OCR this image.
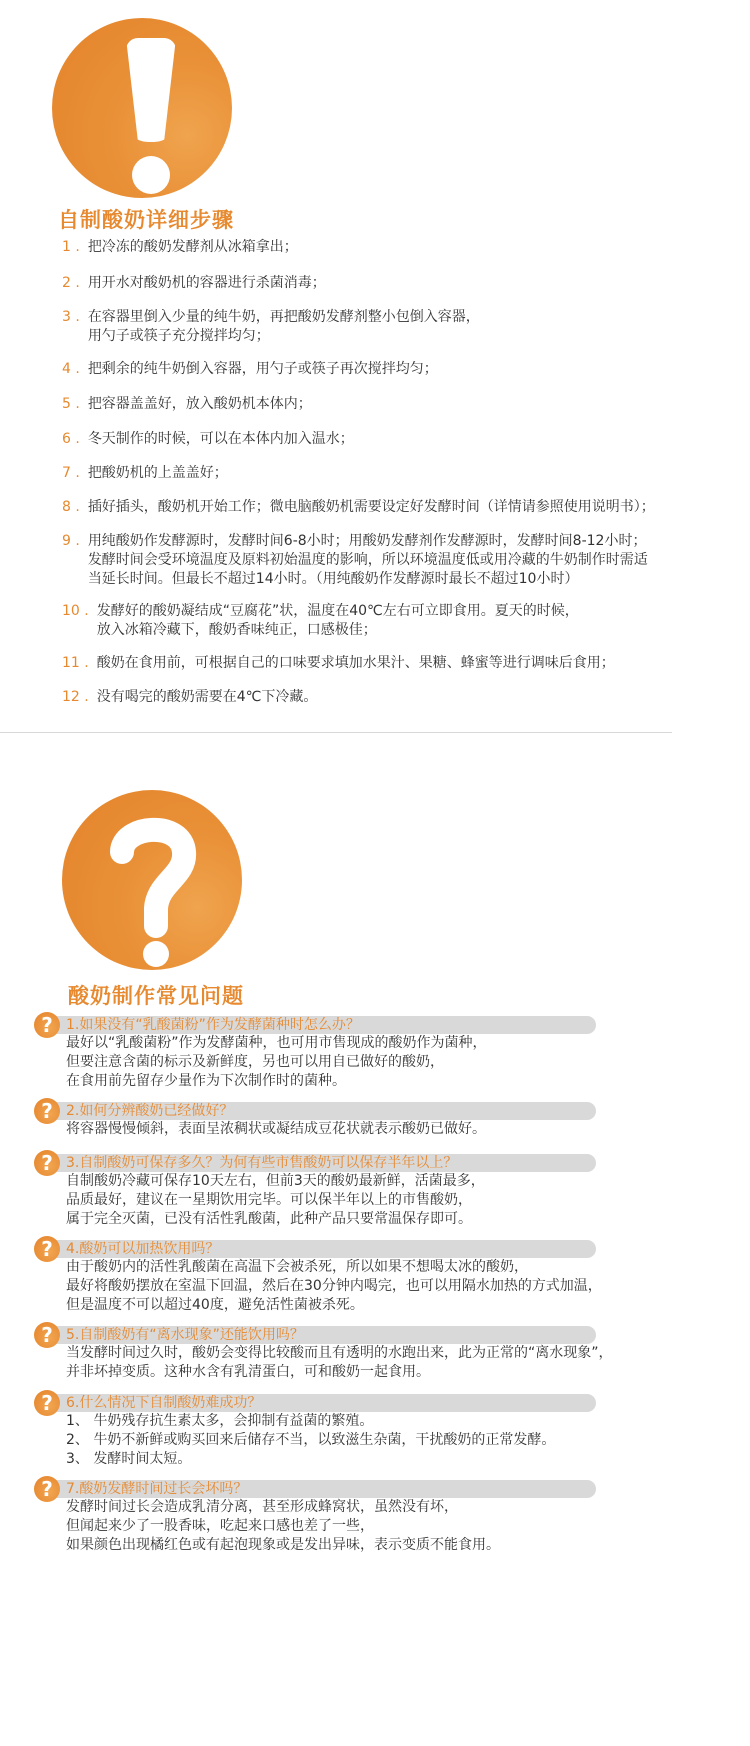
自制酸奶详细步骤
1 . 把冷冻的酸奶发酵剂从冰箱拿出；
2 . 用开水对酸奶机的容器进行杀菌消毒；
3 . 在容器里倒入少量的纯牛奶，再把酸奶发酵剂整小包倒入容器，
用勺子或筷子充分搅拌均匀；
4 . 把剩余的纯牛奶倒入容器，用勺子或筷子再次搅拌均匀；
5 . 把容器盖盖好，放入酸奶机本体内；
6 . 冬天制作的时候，可以在本体内加入温水；
7 . 把酸奶机的上盖盖好；
8 . 插好插头，酸奶机开始工作；微电脑酸奶机需要设定好发酵时间（详情请参照使用说明书）；
9 . 用纯酸奶作发酵源时，发酵时间6-8小时；用酸奶发酵剂作发酵源时，发酵时间8-12小时；
发酵时间会受环境温度及原料初始温度的影响，所以环境温度低或用冷藏的牛奶制作时需适
当延长时间。但最长不超过14小时。（用纯酸奶作发酵源时最长不超过10小时）
10 . 发酵好的酸奶凝结成“豆腐花”状，温度在40℃左右可立即食用。夏天的时候，
放入冰箱冷藏下，酸奶香味纯正，口感极佳；
11 . 酸奶在食用前，可根据自己的口味要求填加水果汁、果糖、蜂蜜等进行调味后食用；
12 . 没有喝完的酸奶需要在4℃下冷藏。
酸奶制作常见问题
? 1.如果没有“乳酸菌粉”作为发酵菌种时怎么办？
最好以“乳酸菌粉”作为发酵菌种，也可用市售现成的酸奶作为菌种，
但要注意含菌的标示及新鲜度，另也可以用自已做好的酸奶，
在食用前先留存少量作为下次制作时的菌种。
? 2.如何分辨酸奶已经做好？
将容器慢慢倾斜，表面呈浓稠状或凝结成豆花状就表示酸奶已做好。
? 3.自制酸奶可保存多久？为何有些市售酸奶可以保存半年以上？
自制酸奶冷藏可保存10天左右，但前3天的酸奶最新鲜，活菌最多，
品质最好，建议在一星期饮用完毕。可以保半年以上的市售酸奶，
属于完全灭菌，已没有活性乳酸菌，此种产品只要常温保存即可。
? 4.酸奶可以加热饮用吗？
由于酸奶内的活性乳酸菌在高温下会被杀死，所以如果不想喝太冰的酸奶，
最好将酸奶摆放在室温下回温，然后在30分钟内喝完，也可以用隔水加热的方式加温，
但是温度不可以超过40度，避免活性菌被杀死。
? 5.自制酸奶有“离水现象”还能饮用吗？
当发酵时间过久时，酸奶会变得比较酸而且有透明的水跑出来，此为正常的“离水现象”，
并非坏掉变质。这种水含有乳清蛋白，可和酸奶一起食用。
? 6.什么情况下自制酸奶难成功？
1、 牛奶残存抗生素太多，会抑制有益菌的繁殖。
2、 牛奶不新鲜或购买回来后储存不当，以致滋生杂菌，干扰酸奶的正常发酵。
3、 发酵时间太短。
? 7.酸奶发酵时间过长会坏吗？
发酵时间过长会造成乳清分离，甚至形成蜂窝状，虽然没有坏，
但闻起来少了一股香味，吃起来口感也差了一些，
如果颜色出现橘红色或有起泡现象或是发出异味，表示变质不能食用。
